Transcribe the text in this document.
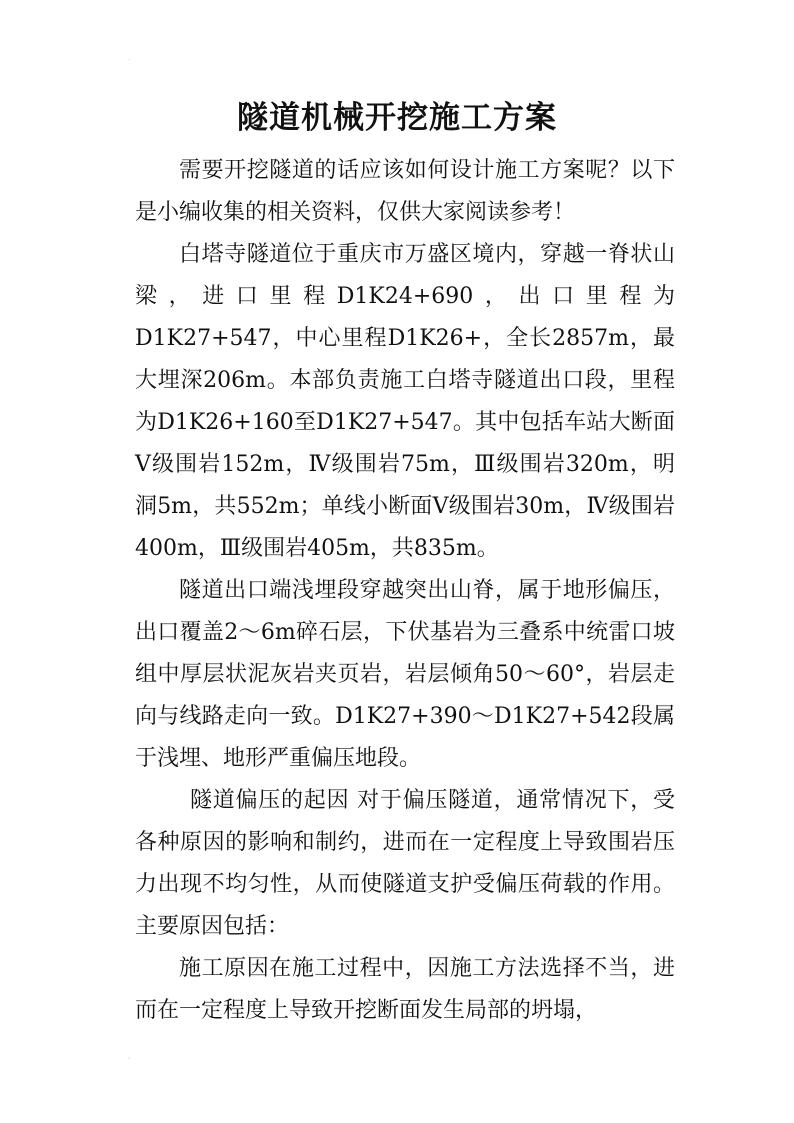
·
隧道机械开挖施工方案

需要开挖隧道的话应该如何设计施工方案呢？以下是小编收集的相关资料，仅供大家阅读参考！

白塔寺隧道位于重庆市万盛区境内，穿越一脊状山梁，进口里程D1K24+690，出口里程为D1K27+547，中心里程D1K26+，全长2857m，最大埋深206m。本部负责施工白塔寺隧道出口段，里程为D1K26+160至D1K27+547。其中包括车站大断面Ⅴ级围岩152m，Ⅳ级围岩75m，Ⅲ级围岩320m，明洞5m，共552m；单线小断面Ⅴ级围岩30m，Ⅳ级围岩400m，Ⅲ级围岩405m，共835m。

隧道出口端浅埋段穿越突出山脊，属于地形偏压，出口覆盖2～6m碎石层，下伏基岩为三叠系中统雷口坡组中厚层状泥灰岩夹页岩，岩层倾角50～60°，岩层走向与线路走向一致。D1K27+390～D1K27+542段属于浅埋、地形严重偏压地段。

隧道偏压的起因 对于偏压隧道，通常情况下，受各种原因的影响和制约，进而在一定程度上导致围岩压力出现不均匀性，从而使隧道支护受偏压荷载的作用。主要原因包括：

施工原因在施工过程中，因施工方法选择不当，进而在一定程度上导致开挖断面发生局部的坍塌，

,
